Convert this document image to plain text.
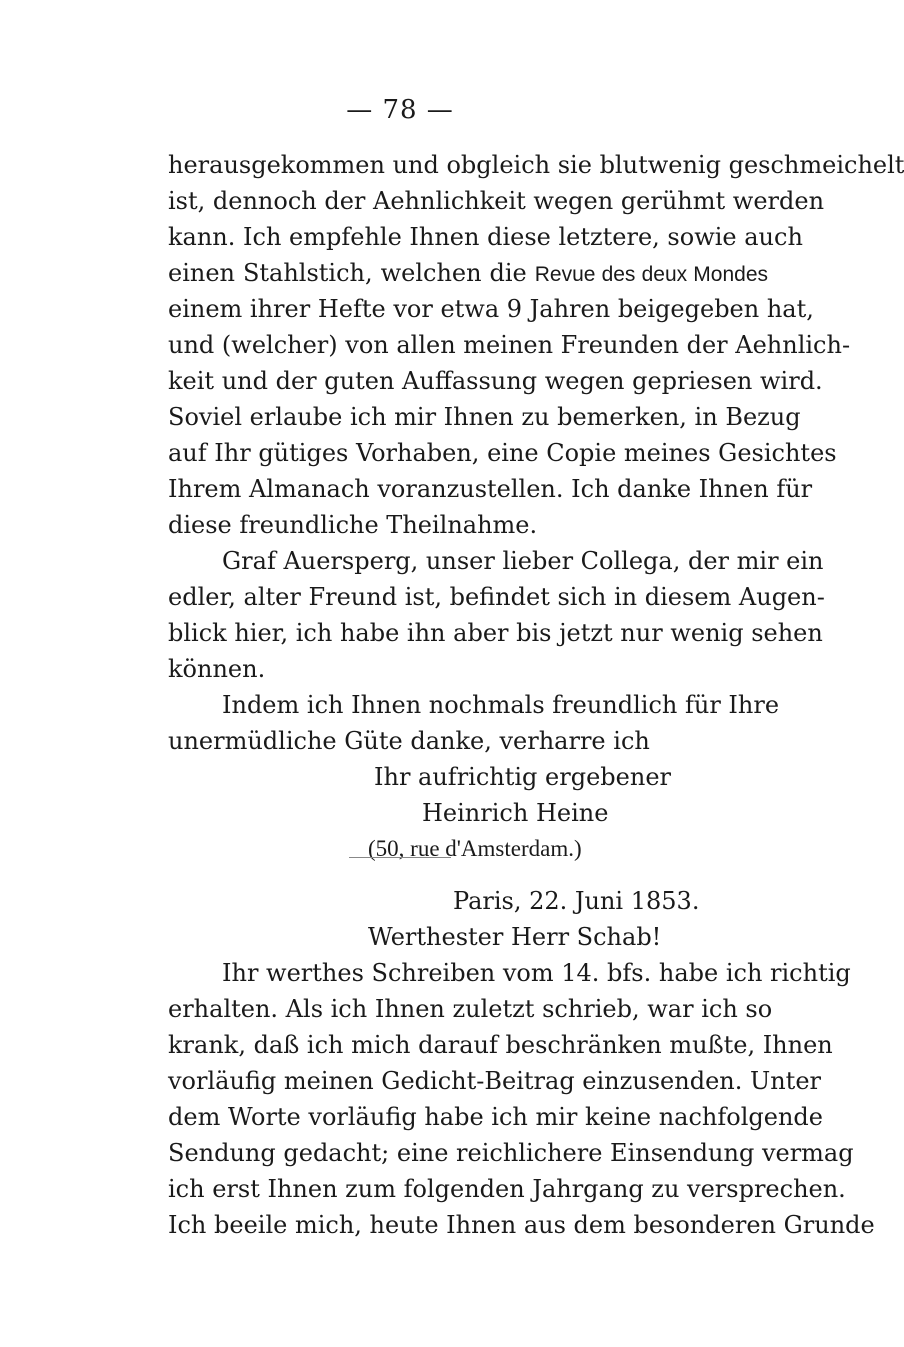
— 78 —
herausgekommen und obgleich sie blutwenig geschmeichelt
ist, dennoch der Aehnlichkeit wegen gerühmt werden
kann. Ich empfehle Ihnen diese letztere, sowie auch
einen Stahlstich, welchen die Revue des deux Mondes
einem ihrer Hefte vor etwa 9 Jahren beigegeben hat,
und (welcher) von allen meinen Freunden der Aehnlich-
keit und der guten Auffassung wegen gepriesen wird.
Soviel erlaube ich mir Ihnen zu bemerken, in Bezug
auf Ihr gütiges Vorhaben, eine Copie meines Gesichtes
Ihrem Almanach voranzustellen. Ich danke Ihnen für
diese freundliche Theilnahme.
Graf Auersperg, unser lieber Collega, der mir ein
edler, alter Freund ist, befindet sich in diesem Augen-
blick hier, ich habe ihn aber bis jetzt nur wenig sehen
können.
Indem ich Ihnen nochmals freundlich für Ihre
unermüdliche Güte danke, verharre ich
Ihr aufrichtig ergebener
Heinrich Heine
(50, rue d'Amsterdam.)
Paris, 22. Juni 1853.
Werthester Herr Schab!
Ihr werthes Schreiben vom 14. bfs. habe ich richtig
erhalten. Als ich Ihnen zuletzt schrieb, war ich so
krank, daß ich mich darauf beschränken mußte, Ihnen
vorläufig meinen Gedicht-Beitrag einzusenden. Unter
dem Worte vorläufig habe ich mir keine nachfolgende
Sendung gedacht; eine reichlichere Einsendung vermag
ich erst Ihnen zum folgenden Jahrgang zu versprechen.
Ich beeile mich, heute Ihnen aus dem besonderen Grunde
